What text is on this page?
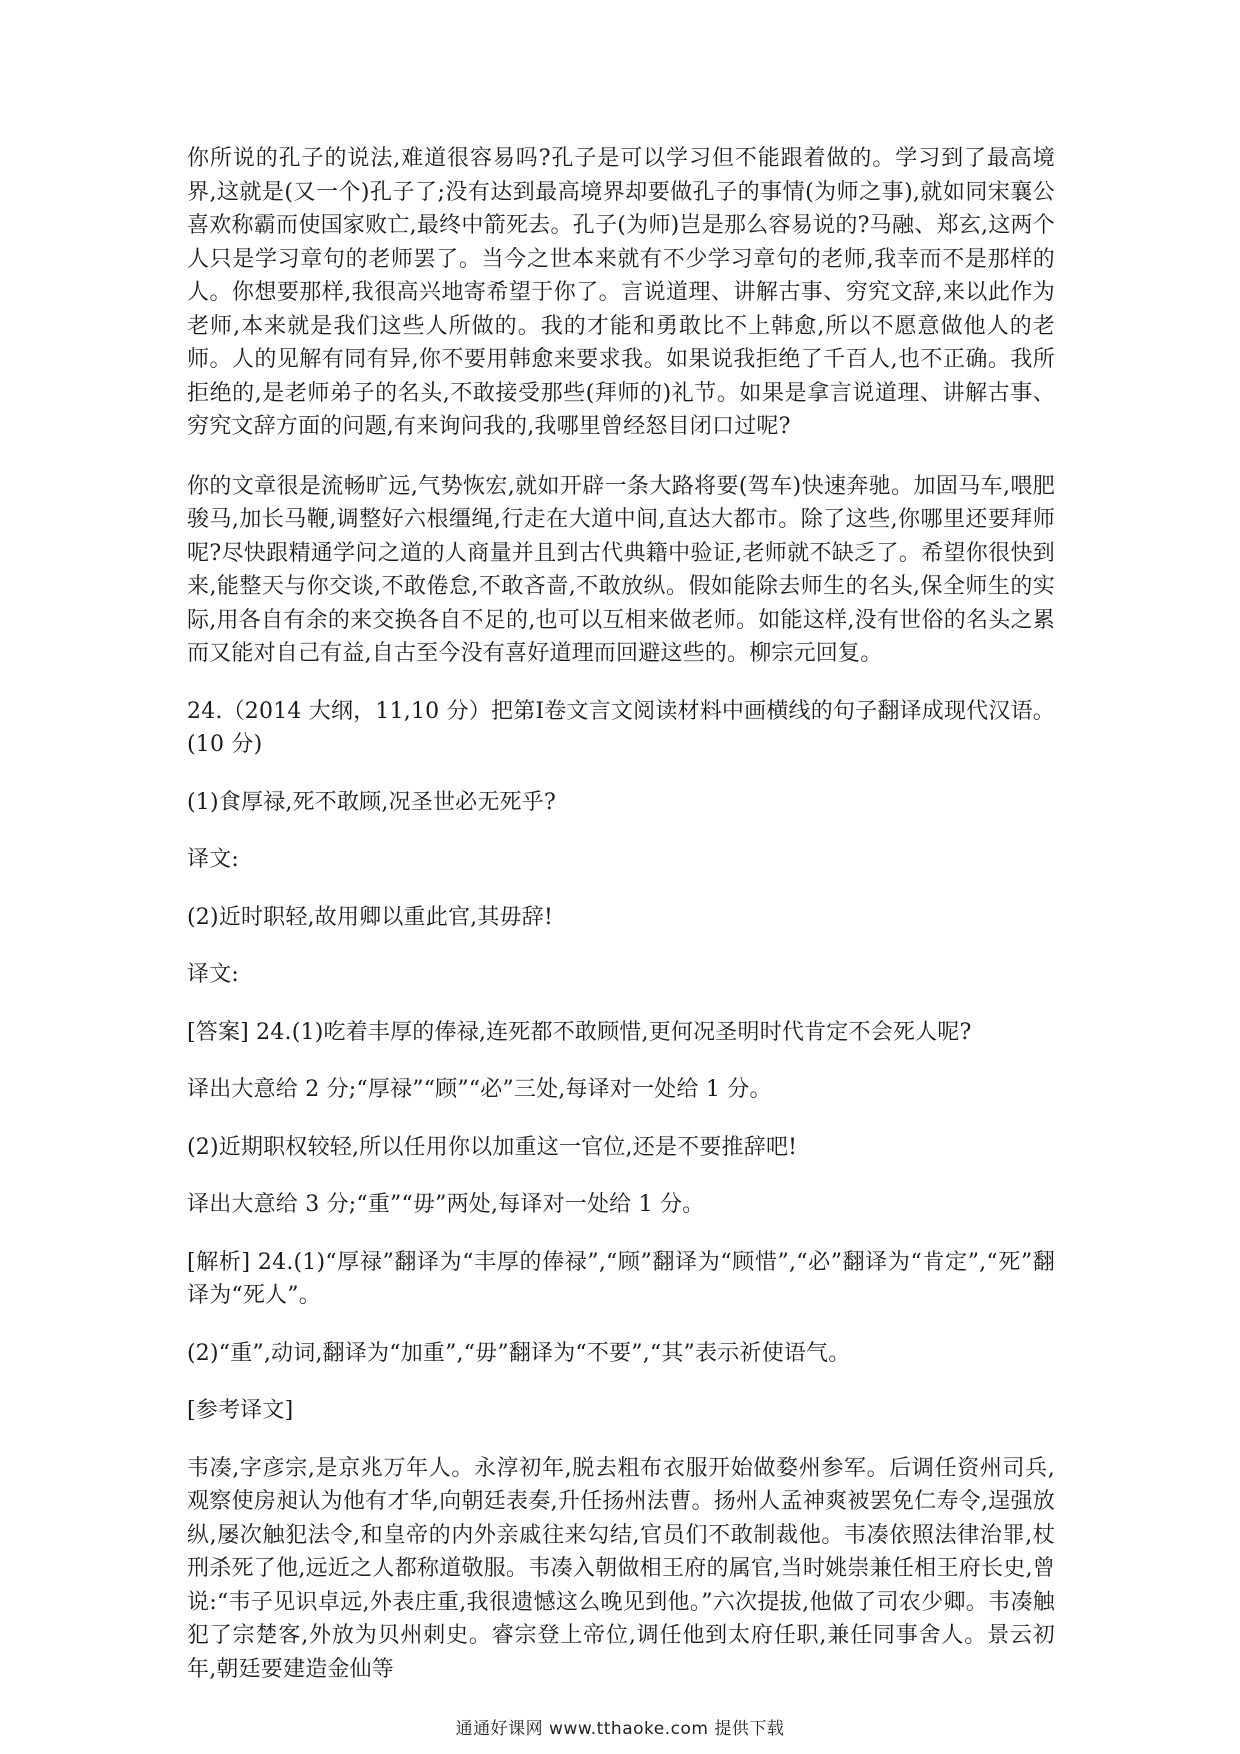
你所说的孔子的说法,难道很容易吗?孔子是可以学习但不能跟着做的。学习到了最高境界,这就是(又一个)孔子了;没有达到最高境界却要做孔子的事情(为师之事),就如同宋襄公喜欢称霸而使国家败亡,最终中箭死去。孔子(为师)岂是那么容易说的?马融、郑玄,这两个人只是学习章句的老师罢了。当今之世本来就有不少学习章句的老师,我幸而不是那样的人。你想要那样,我很高兴地寄希望于你了。言说道理、讲解古事、穷究文辞,来以此作为老师,本来就是我们这些人所做的。我的才能和勇敢比不上韩愈,所以不愿意做他人的老师。人的见解有同有异,你不要用韩愈来要求我。如果说我拒绝了千百人,也不正确。我所拒绝的,是老师弟子的名头,不敢接受那些(拜师的)礼节。如果是拿言说道理、讲解古事、穷究文辞方面的问题,有来询问我的,我哪里曾经怒目闭口过呢?

你的文章很是流畅旷远,气势恢宏,就如开辟一条大路将要(驾车)快速奔驰。加固马车,喂肥骏马,加长马鞭,调整好六根缰绳,行走在大道中间,直达大都市。除了这些,你哪里还要拜师呢?尽快跟精通学问之道的人商量并且到古代典籍中验证,老师就不缺乏了。希望你很快到来,能整天与你交谈,不敢倦怠,不敢吝啬,不敢放纵。假如能除去师生的名头,保全师生的实际,用各自有余的来交换各自不足的,也可以互相来做老师。如能这样,没有世俗的名头之累而又能对自己有益,自古至今没有喜好道理而回避这些的。柳宗元回复。

24.（2014 大纲，11,10 分）把第Ⅰ卷文言文阅读材料中画横线的句子翻译成现代汉语。(10 分)

(1)食厚禄,死不敢顾,况圣世必无死乎?

译文:

(2)近时职轻,故用卿以重此官,其毋辞!

译文:

[答案] 24.(1)吃着丰厚的俸禄,连死都不敢顾惜,更何况圣明时代肯定不会死人呢?

译出大意给 2 分;“厚禄”“顾”“必”三处,每译对一处给 1 分。

(2)近期职权较轻,所以任用你以加重这一官位,还是不要推辞吧!

译出大意给 3 分;“重”“毋”两处,每译对一处给 1 分。

[解析] 24.(1)“厚禄”翻译为“丰厚的俸禄”,“顾”翻译为“顾惜”,“必”翻译为“肯定”,“死”翻译为“死人”。

(2)“重”,动词,翻译为“加重”,“毋”翻译为“不要”,“其”表示祈使语气。

[参考译文]

韦凑,字彦宗,是京兆万年人。永淳初年,脱去粗布衣服开始做婺州参军。后调任资州司兵,观察使房昶认为他有才华,向朝廷表奏,升任扬州法曹。扬州人孟神爽被罢免仁寿令,逞强放纵,屡次触犯法令,和皇帝的内外亲戚往来勾结,官员们不敢制裁他。韦凑依照法律治罪,杖刑杀死了他,远近之人都称道敬服。韦凑入朝做相王府的属官,当时姚崇兼任相王府长史,曾说:“韦子见识卓远,外表庄重,我很遗憾这么晚见到他。”六次提拔,他做了司农少卿。韦凑触犯了宗楚客,外放为贝州刺史。睿宗登上帝位,调任他到太府任职,兼任同事舍人。景云初年,朝廷要建造金仙等

通通好课网 www.tthaoke.com 提供下载
